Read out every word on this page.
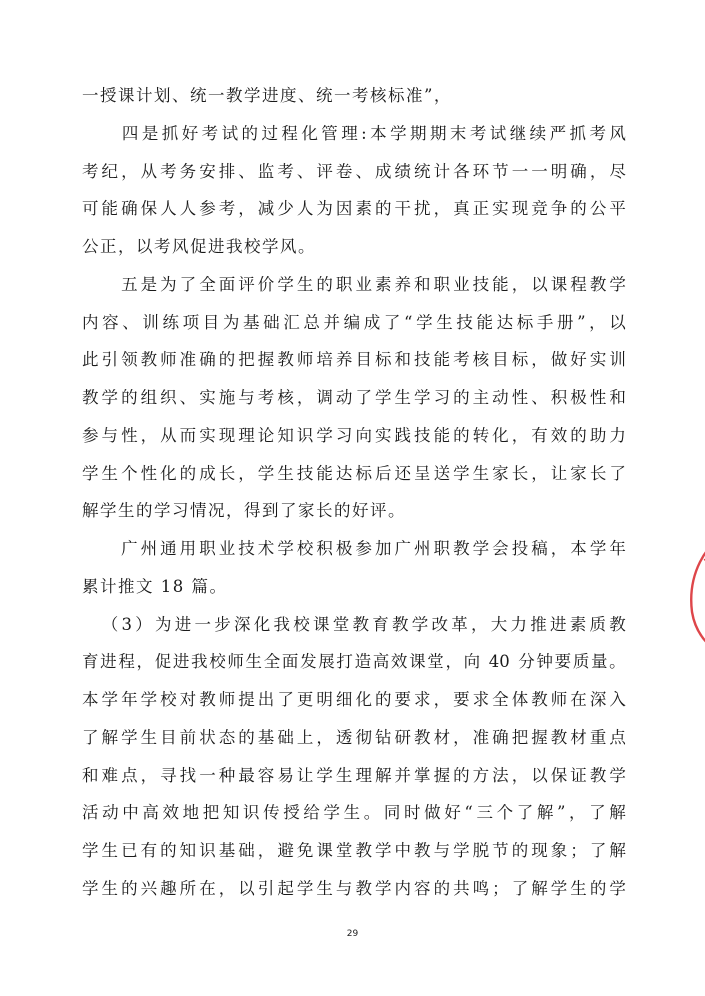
一授课计划、统一教学进度、统一考核标准”，

四 是 抓 好 考 试 的 过 程 化 管 理 : 本 学 期 期 末 考 试 继 续 严 抓 考 风
考 纪 ， 从 考 务 安 排 、 监 考 、 评 卷 、 成 绩 统 计 各 环 节 一 一 明 确 ， 尽
可 能 确 保 人 人 参 考 ， 减 少 人 为 因 素 的 干 扰 ， 真 正 实 现 竞 争 的 公 平
公正，以考风促进我校学风。

五 是 为 了 全 面 评 价 学 生 的 职 业 素 养 和 职 业 技 能 ， 以 课 程 教 学
内 容 、 训 练 项 目 为 基 础 汇 总 并 编 成 了 “ 学 生 技 能 达 标 手 册 ” ， 以
此 引 领 教 师 准 确 的 把 握 教 师 培 养 目 标 和 技 能 考 核 目 标 ， 做 好 实 训
教 学 的 组 织 、 实 施 与 考 核 ， 调 动 了 学 生 学 习 的 主 动 性 、 积 极 性 和
参 与 性 ， 从 而 实 现 理 论 知 识 学 习 向 实 践 技 能 的 转 化 ， 有 效 的 助 力
学 生 个 性 化 的 成 长 ， 学 生 技 能 达 标 后 还 呈 送 学 生 家 长 ， 让 家 长 了
解学生的学习情况，得到了家长的好评。

广 州 通 用 职 业 技 术 学 校 积 极 参 加 广 州 职 教 学 会 投 稿 ， 本 学 年
累计推文 18 篇。

（ 3 ） 为 进 一 步 深 化 我 校 课 堂 教 育 教 学 改 革 ， 大 力 推 进 素 质 教
育 进 程 ， 促 进 我 校 师 生 全 面 发 展 打 造 高 效 课 堂 ， 向
40
分 钟 要 质 量 。
本 学 年 学 校 对 教 师 提 出 了 更 明 细 化 的 要 求 ， 要 求 全 体 教 师 在 深 入
了 解 学 生 目 前 状 态 的 基 础 上 ， 透 彻 钻 研 教 材 ， 准 确 把 握 教 材 重 点
和 难 点 ， 寻 找 一 种 最 容 易 让 学 生 理 解 并 掌 握 的 方 法 ， 以 保 证 教 学
活 动 中 高 效 地 把 知 识 传 授 给 学 生 。 同 时 做 好 “ 三 个 了 解 ” ， 了 解
学 生 已 有 的 知 识 基 础 ， 避 免 课 堂 教 学 中 教 与 学 脱 节 的 现 象 ； 了 解
学 生 的 兴 趣 所 在 ， 以 引 起 学 生 与 教 学 内 容 的 共 鸣 ； 了 解 学 生 的 学
29
